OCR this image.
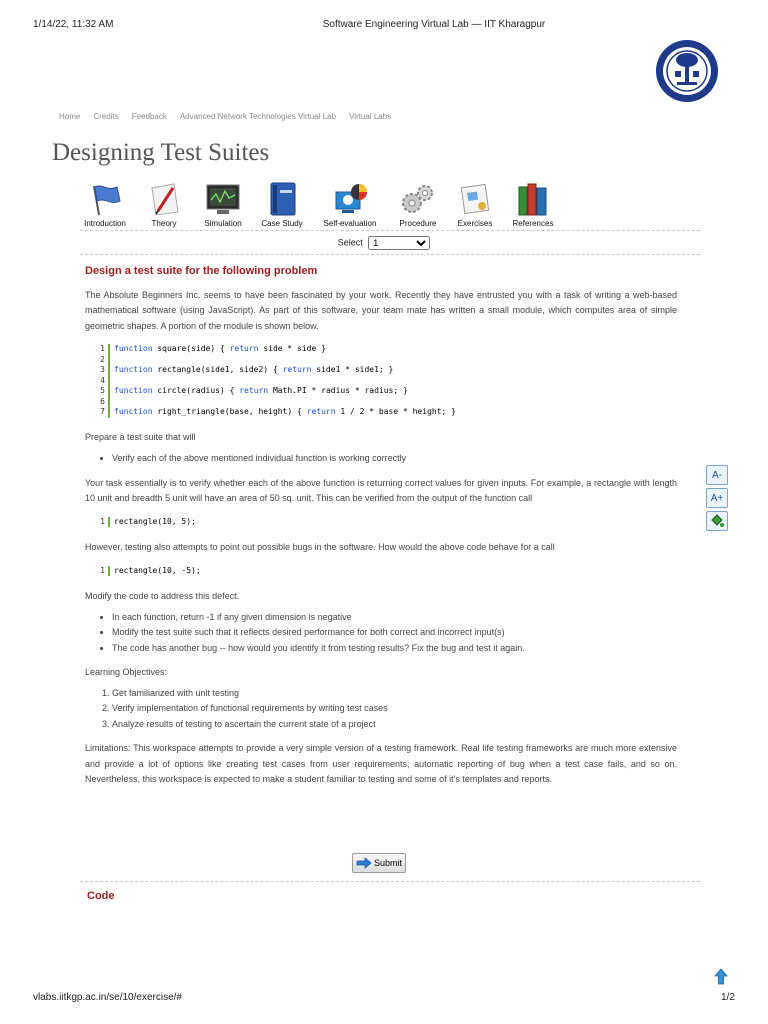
1/14/22, 11:32 AM	Software Engineering Virtual Lab — IIT Kharagpur
Home Credits Feedback Advanced Network Technologies Virtual Lab Virtual Labs
Designing Test Suites
Introduction	Theory	Simulation	Case Study	Self-evaluation	Procedure	Exercises	References
Select
1
Design a test suite for the following problem

The Absolute Beginners Inc. seems to have been fascinated by your work. Recently they have entrusted you with a task of writing a web-based mathematical software (using JavaScript). As part of this software, your team mate has written a small module, which computes area of simple geometric shapes. A portion of the module is shown below.

1	function square(side) { return side * side }
2
3	function rectangle(side1, side2) { return side1 * side1; }
4
5	function circle(radius) { return Math.PI * radius * radius; }
6
7	function right_triangle(base, height) { return 1 / 2 * base * height; }

Prepare a test suite that will

• Verify each of the above mentioned individual function is working correctly

Your task essentially is to verify whether each of the above function is returning correct values for given inputs. For example, a rectangle with length 10 unit and breadth 5 unit will have an area of 50 sq. unit. This can be verified from the output of the function call

1	rectangle(10, 5);

However, testing also attempts to point out possible bugs in the software. How would the above code behave for a call

1	rectangle(10, -5);

Modify the code to address this defect.

• In each function, return -1 if any given dimension is negative
• Modify the test suite such that it reflects desired performance for both correct and incorrect input(s)
• The code has another bug -- how would you identify it from testing results? Fix the bug and test it again.

Learning Objectives:

1. Get familiarized with unit testing
2. Verify implementation of functional requirements by writing test cases
3. Analyze results of testing to ascertain the current state of a project

Limitations: This workspace attempts to provide a very simple version of a testing framework. Real life testing frameworks are much more extensive and provide a lot of options like creating test cases from user requirements, automatic reporting of bug when a test case fails, and so on. Nevertheless, this workspace is expected to make a student familiar to testing and some of it's templates and reports.

Submit
Code
A-
A+
vlabs.iitkgp.ac.in/se/10/exercise/#	1/2
